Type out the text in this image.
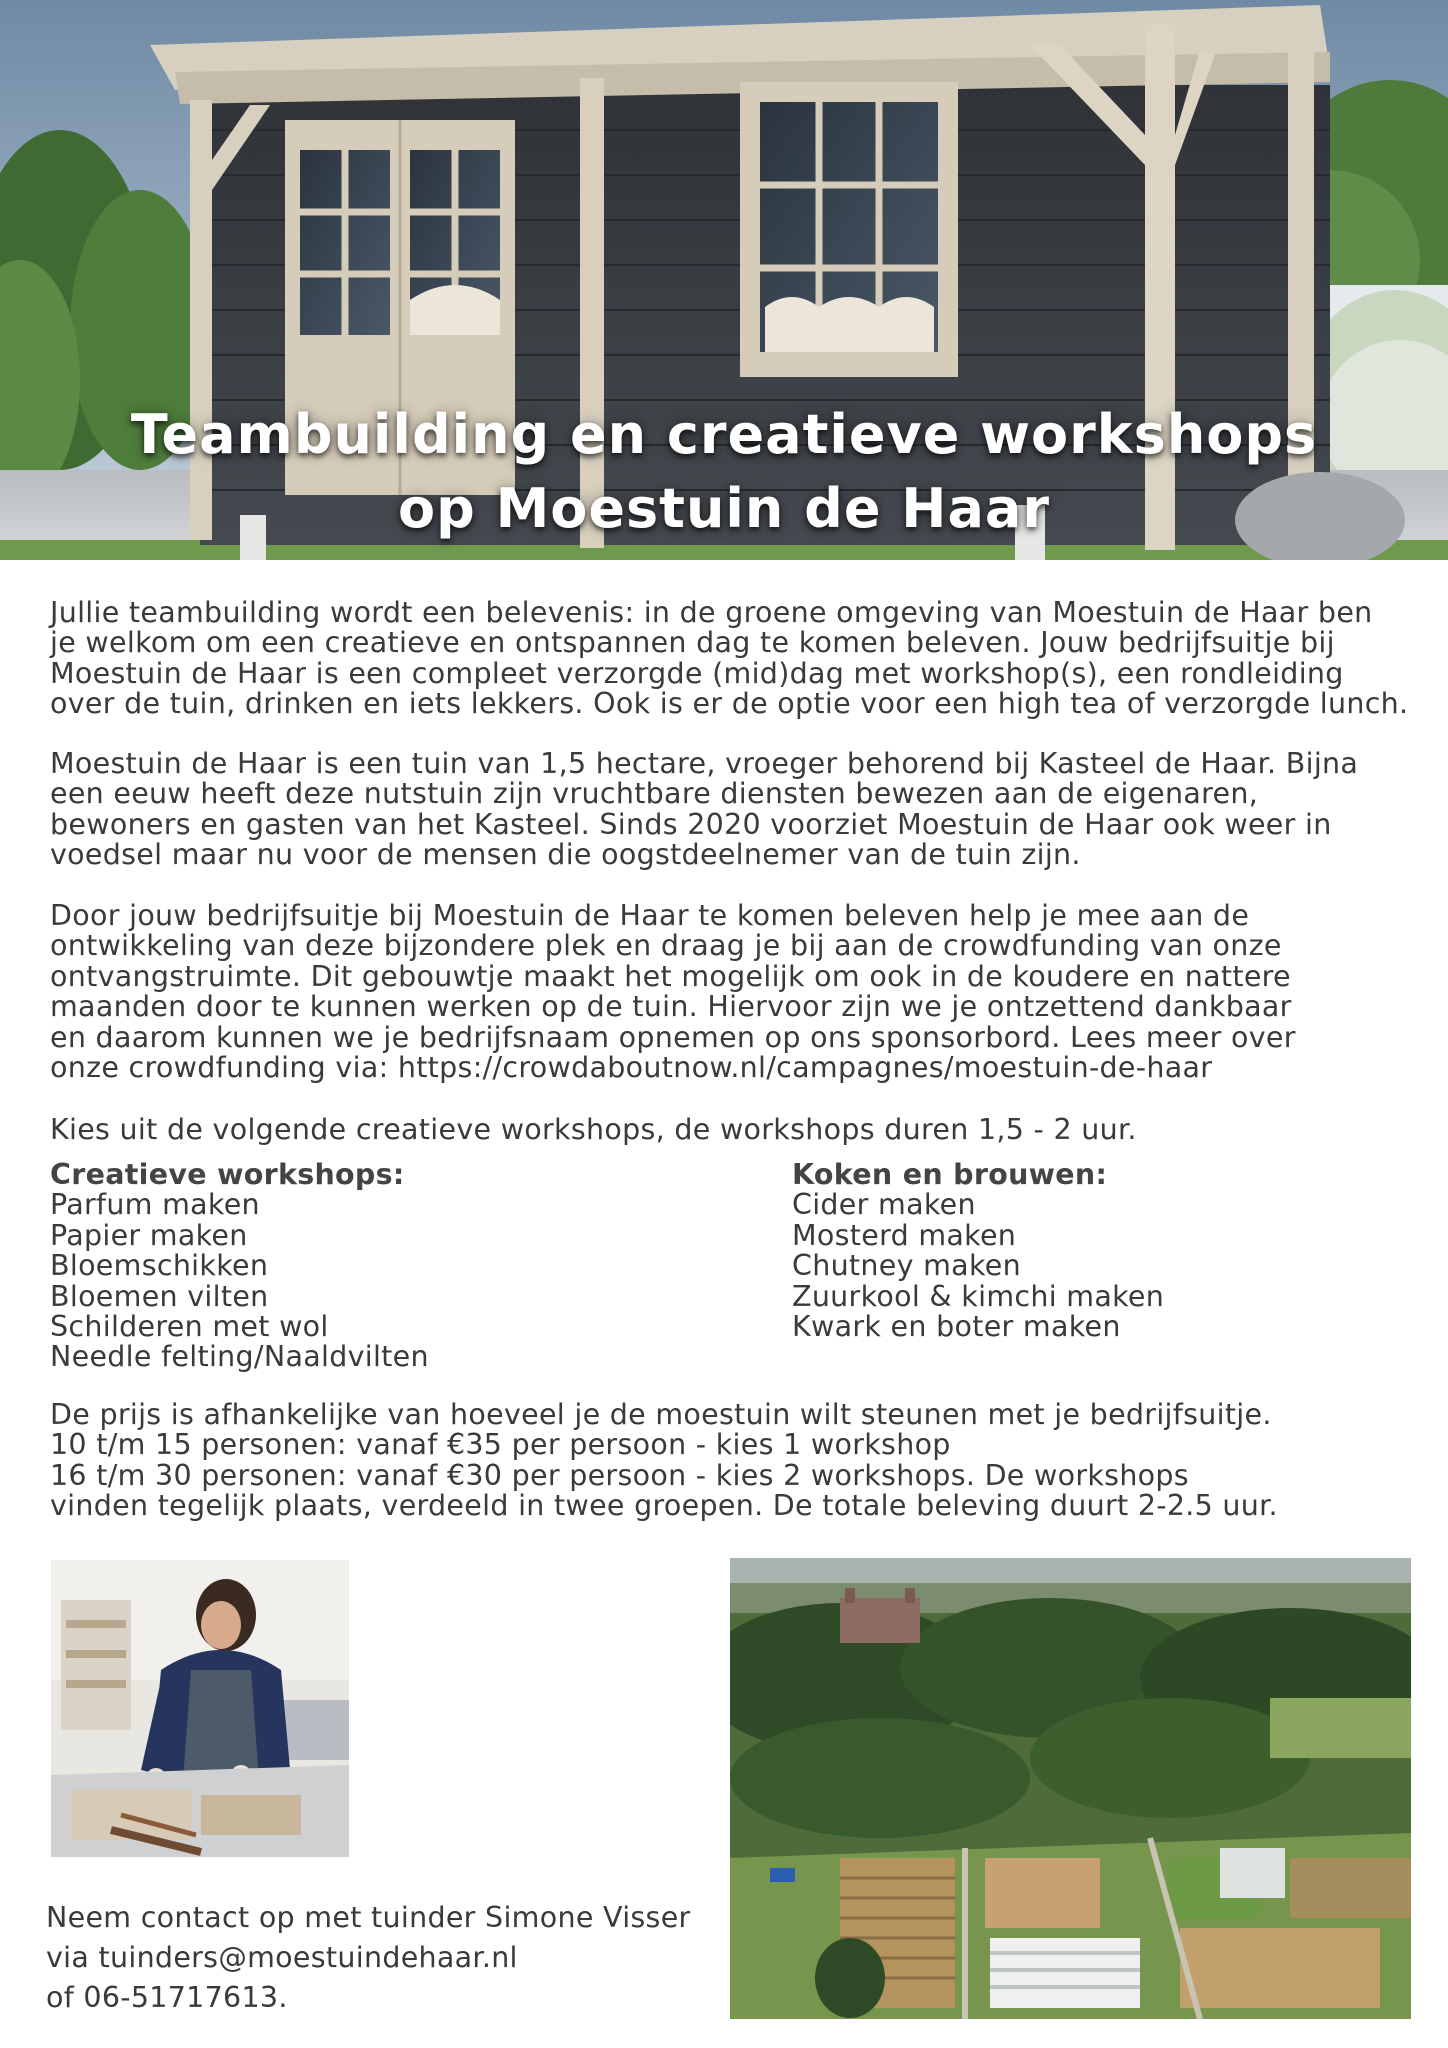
Teambuilding en creatieve workshops
op Moestuin de Haar

Jullie teambuilding wordt een belevenis: in de groene omgeving van Moestuin de Haar ben

je welkom om een creatieve en ontspannen dag te komen beleven. Jouw bedrijfsuitje bij

Moestuin de Haar is een compleet verzorgde (mid)dag met workshop(s), een rondleiding

over de tuin, drinken en iets lekkers. Ook is er de optie voor een high tea of verzorgde lunch.

Moestuin de Haar is een tuin van 1,5 hectare, vroeger behorend bij Kasteel de Haar. Bijna

een eeuw heeft deze nutstuin zijn vruchtbare diensten bewezen aan de eigenaren,

bewoners en gasten van het Kasteel. Sinds 2020 voorziet Moestuin de Haar ook weer in

voedsel maar nu voor de mensen die oogstdeelnemer van de tuin zijn.

Door jouw bedrijfsuitje bij Moestuin de Haar te komen beleven help je mee aan de

ontwikkeling van deze bijzondere plek en draag je bij aan de crowdfunding van onze

ontvangstruimte. Dit gebouwtje maakt het mogelijk om ook in de koudere en nattere

maanden door te kunnen werken op de tuin. Hiervoor zijn we je ontzettend dankbaar

en daarom kunnen we je bedrijfsnaam opnemen op ons sponsorbord. Lees meer over

onze crowdfunding via: https://crowdaboutnow.nl/campagnes/moestuin-de-haar

Kies uit de volgende creatieve workshops, de workshops duren 1,5 - 2 uur.

Creatieve workshops:
Parfum maken
Papier maken
Bloemschikken
Bloemen vilten
Schilderen met wol
Needle felting/Naaldvilten
Koken en brouwen:
Cider maken
Mosterd maken
Chutney maken
Zuurkool & kimchi maken
Kwark en boter maken

De prijs is afhankelijke van hoeveel je de moestuin wilt steunen met je bedrijfsuitje.

10 t/m 15 personen: vanaf €35 per persoon - kies 1 workshop

16 t/m 30 personen: vanaf €30 per persoon - kies 2 workshops. De workshops

vinden tegelijk plaats, verdeeld in twee groepen. De totale beleving duurt 2-2.5 uur.

Neem contact op met tuinder Simone Visser
via tuinders@moestuindehaar.nl
of 06-51717613.
